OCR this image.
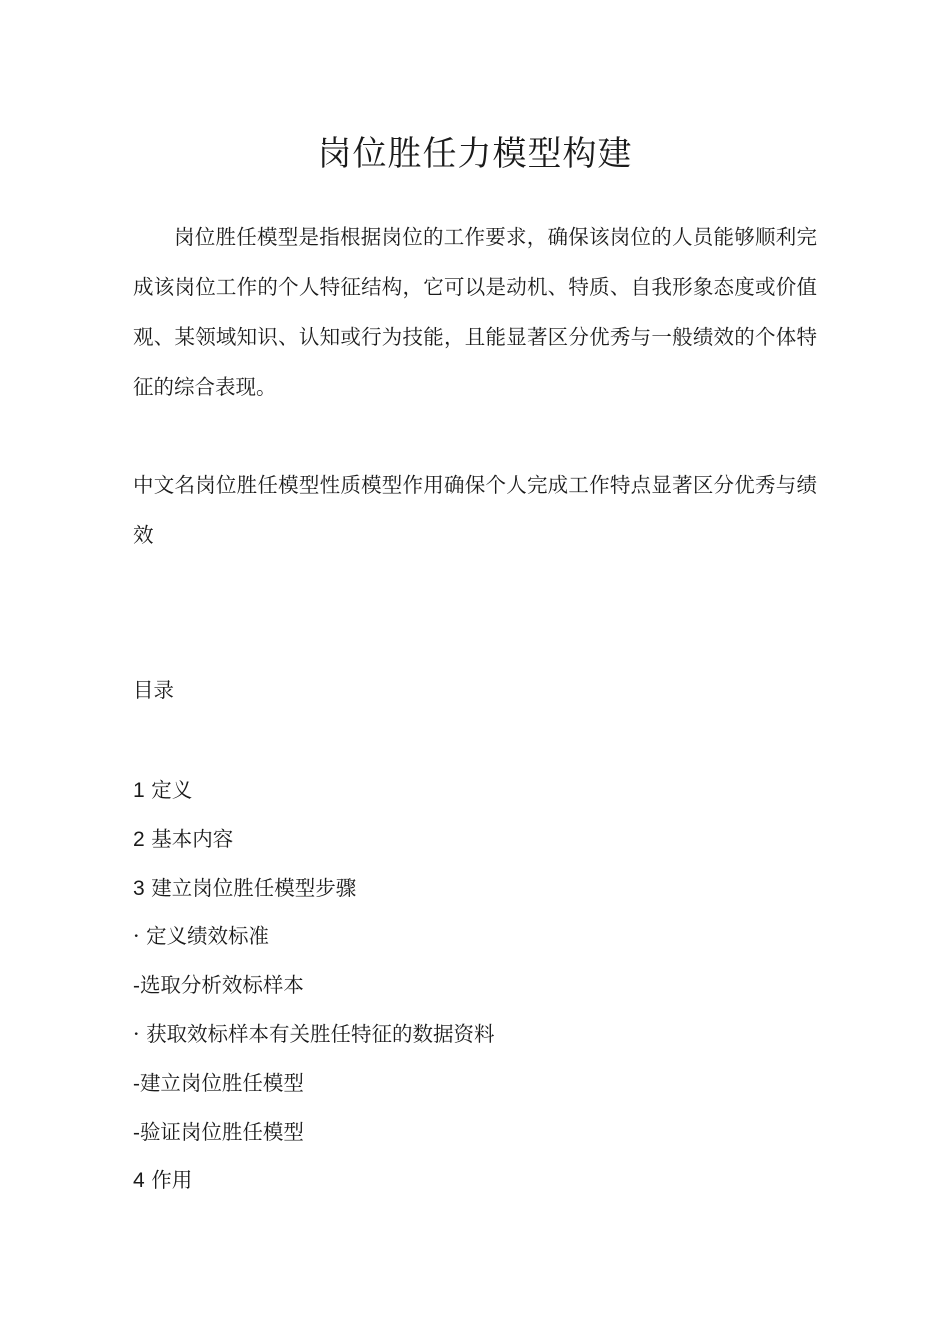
岗位胜任力模型构建

岗位胜任模型是指根据岗位的工作要求，确保该岗位的人员能够顺利完成该岗位工作的个人特征结构，它可以是动机、特质、自我形象态度或价值观、某领域知识、认知或行为技能，且能显著区分优秀与一般绩效的个体特征的综合表现。

中文名岗位胜任模型性质模型作用确保个人完成工作特点显著区分优秀与绩效

目录
1 定义
2 基本内容
3 建立岗位胜任模型步骤
· 定义绩效标准
-选取分析效标样本
· 获取效标样本有关胜任特征的数据资料
-建立岗位胜任模型
-验证岗位胜任模型
4 作用
